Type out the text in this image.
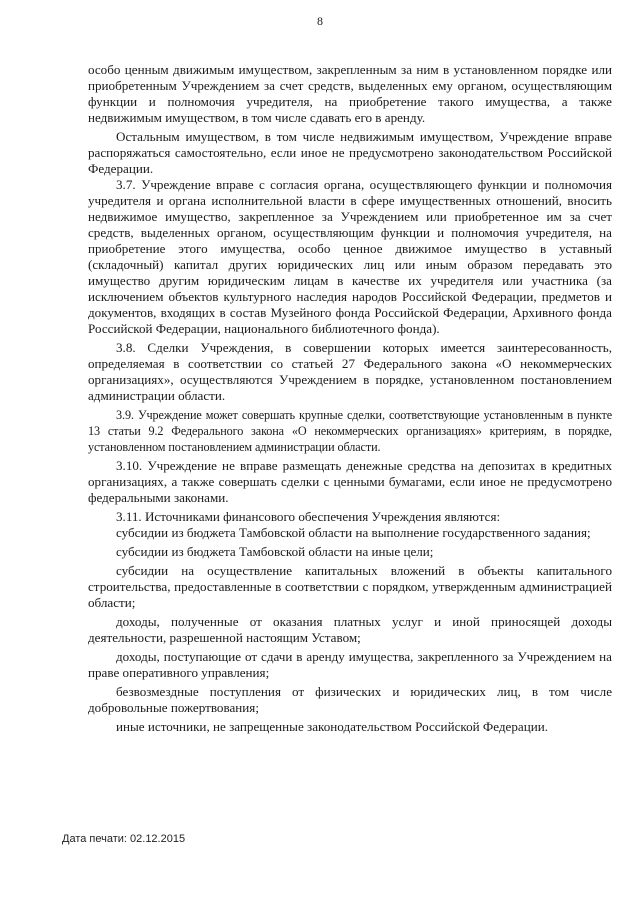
8

особо ценным движимым имуществом, закрепленным за ним в установленном порядке или приобретенным Учреждением за счет средств, выделенных ему органом, осуществляющим функции и полномочия учредителя, на приобретение такого имущества, а также недвижимым имуществом, в том числе сдавать его в аренду.

Остальным имуществом, в том числе недвижимым имуществом, Учреждение вправе распоряжаться самостоятельно, если иное не предусмотрено законодательством Российской Федерации.

3.7. Учреждение вправе с согласия органа, осуществляющего функции и полномочия учредителя и органа исполнительной власти в сфере имущественных отношений, вносить недвижимое имущество, закрепленное за Учреждением или приобретенное им за счет средств, выделенных органом, осуществляющим функции и полномочия учредителя, на приобретение этого имущества, особо ценное движимое имущество в уставный (складочный) капитал других юридических лиц или иным образом передавать это имущество другим юридическим лицам в качестве их учредителя или участника (за исключением объектов культурного наследия народов Российской Федерации, предметов и документов, входящих в состав Музейного фонда Российской Федерации, Архивного фонда Российской Федерации, национального библиотечного фонда).

3.8. Сделки Учреждения, в совершении которых имеется заинтересованность, определяемая в соответствии со статьей 27 Федерального закона «О некоммерческих организациях», осуществляются Учреждением в порядке, установленном постановлением администрации области.

3.9. Учреждение может совершать крупные сделки, соответствующие установленным в пункте 13 статьи 9.2 Федерального закона «О некоммерческих организациях» критериям, в порядке, установленном постановлением администрации области.

3.10. Учреждение не вправе размещать денежные средства на депозитах в кредитных организациях, а также совершать сделки с ценными бумагами, если иное не предусмотрено федеральными законами.

3.11. Источниками финансового обеспечения Учреждения являются:

субсидии из бюджета Тамбовской области на выполнение государственного задания;

субсидии из бюджета Тамбовской области на иные цели;

субсидии на осуществление капитальных вложений в объекты капитального строительства, предоставленные в соответствии с порядком, утвержденным администрацией области;

доходы, полученные от оказания платных услуг и иной приносящей доходы деятельности, разрешенной настоящим Уставом;

доходы, поступающие от сдачи в аренду имущества, закрепленного за Учреждением на праве оперативного управления;

безвозмездные поступления от физических и юридических лиц, в том числе добровольные пожертвования;

иные источники, не запрещенные законодательством Российской Федерации.

Дата печати: 02.12.2015
